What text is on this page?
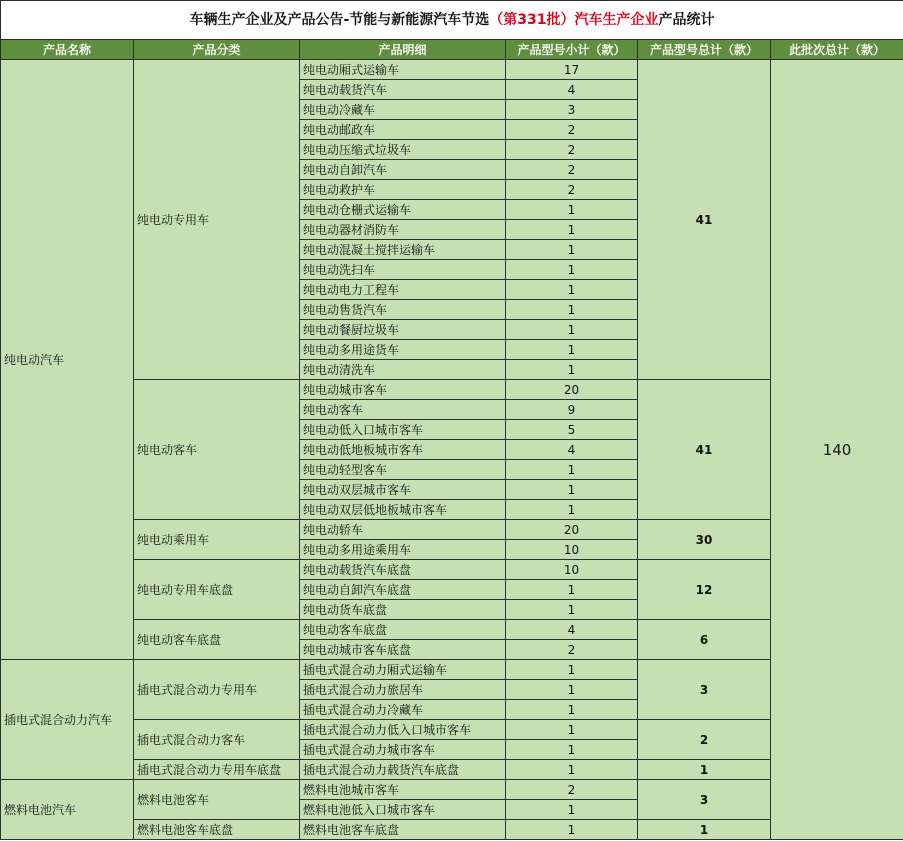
车辆生产企业及产品公告-节能与新能源汽车节选（第331批）汽车生产企业产品统计					
产品名称	产品分类	产品明细	产品型号小计（款）	产品型号总计（款）	此批次总计（款）
纯电动汽车	纯电动专用车	纯电动厢式运输车	17	41	140
		纯电动载货汽车	4		
		纯电动冷藏车	3		
		纯电动邮政车	2		
		纯电动压缩式垃圾车	2		
		纯电动自卸汽车	2		
		纯电动救护车	2		
		纯电动仓栅式运输车	1		
		纯电动器材消防车	1		
		纯电动混凝土搅拌运输车	1		
		纯电动洗扫车	1		
		纯电动电力工程车	1		
		纯电动售货汽车	1		
		纯电动餐厨垃圾车	1		
		纯电动多用途货车	1		
		纯电动清洗车	1		
	纯电动客车	纯电动城市客车	20	41	
		纯电动客车	9		
		纯电动低入口城市客车	5		
		纯电动低地板城市客车	4		
		纯电动轻型客车	1		
		纯电动双层城市客车	1		
		纯电动双层低地板城市客车	1		
	纯电动乘用车	纯电动轿车	20	30	
		纯电动多用途乘用车	10		
	纯电动专用车底盘	纯电动载货汽车底盘	10	12	
		纯电动自卸汽车底盘	1		
		纯电动货车底盘	1		
	纯电动客车底盘	纯电动客车底盘	4	6	
		纯电动城市客车底盘	2		
插电式混合动力汽车	插电式混合动力专用车	插电式混合动力厢式运输车	1	3	
		插电式混合动力旅居车	1		
		插电式混合动力冷藏车	1		
	插电式混合动力客车	插电式混合动力低入口城市客车	1	2	
		插电式混合动力城市客车	1		
	插电式混合动力专用车底盘	插电式混合动力载货汽车底盘	1	1	
燃料电池汽车	燃料电池客车	燃料电池城市客车	2	3	
		燃料电池低入口城市客车	1		
	燃料电池客车底盘	燃料电池客车底盘	1	1	
